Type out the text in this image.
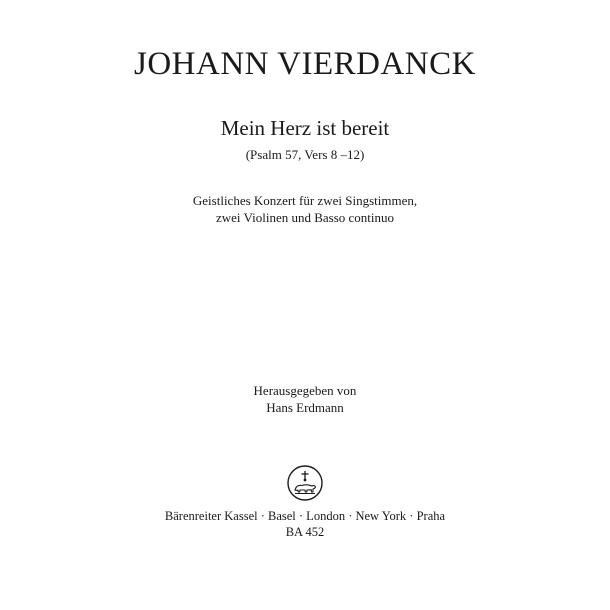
JOHANN VIERDANCK
Mein Herz ist bereit
(Psalm 57, Vers 8 –12)
Geistliches Konzert für zwei Singstimmen,
zwei Violinen und Basso continuo
Herausgegeben von
Hans Erdmann
Bärenreiter Kassel · Basel · London · New York · Praha
BA 452
